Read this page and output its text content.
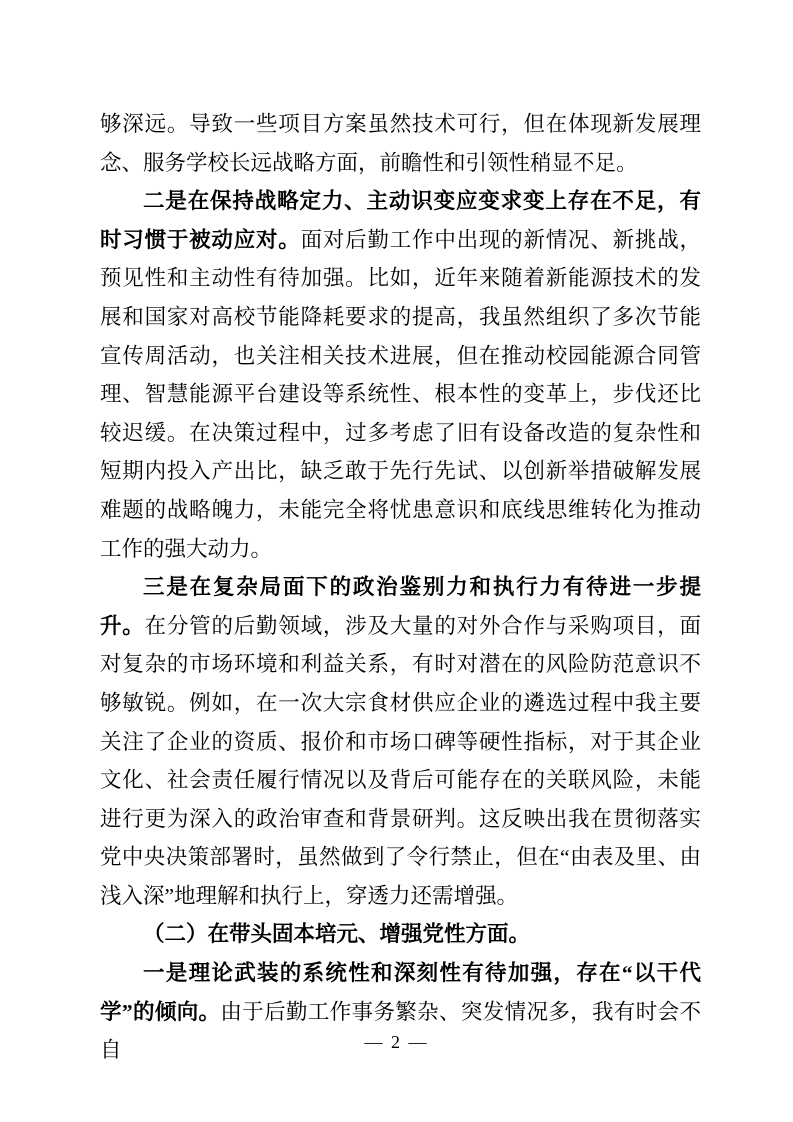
够深远。导致一些项目方案虽然技术可行，但在体现新发展理念、服务学校长远战略方面，前瞻性和引领性稍显不足。

二是在保持战略定力、主动识变应变求变上存在不足，有时习惯于被动应对。面对后勤工作中出现的新情况、新挑战，预见性和主动性有待加强。比如，近年来随着新能源技术的发展和国家对高校节能降耗要求的提高，我虽然组织了多次节能宣传周活动，也关注相关技术进展，但在推动校园能源合同管理、智慧能源平台建设等系统性、根本性的变革上，步伐还比较迟缓。在决策过程中，过多考虑了旧有设备改造的复杂性和短期内投入产出比，缺乏敢于先行先试、以创新举措破解发展难题的战略魄力，未能完全将忧患意识和底线思维转化为推动工作的强大动力。

三是在复杂局面下的政治鉴别力和执行力有待进一步提升。在分管的后勤领域，涉及大量的对外合作与采购项目，面对复杂的市场环境和利益关系，有时对潜在的风险防范意识不够敏锐。例如，在一次大宗食材供应企业的遴选过程中我主要关注了企业的资质、报价和市场口碑等硬性指标，对于其企业文化、社会责任履行情况以及背后可能存在的关联风险，未能进行更为深入的政治审查和背景研判。这反映出我在贯彻落实党中央决策部署时，虽然做到了令行禁止，但在“由表及里、由浅入深”地理解和执行上，穿透力还需增强。

（二）在带头固本培元、增强党性方面。

一是理论武装的系统性和深刻性有待加强，存在“以干代学”的倾向。由于后勤工作事务繁杂、突发情况多，我有时会不自	— 2 —
